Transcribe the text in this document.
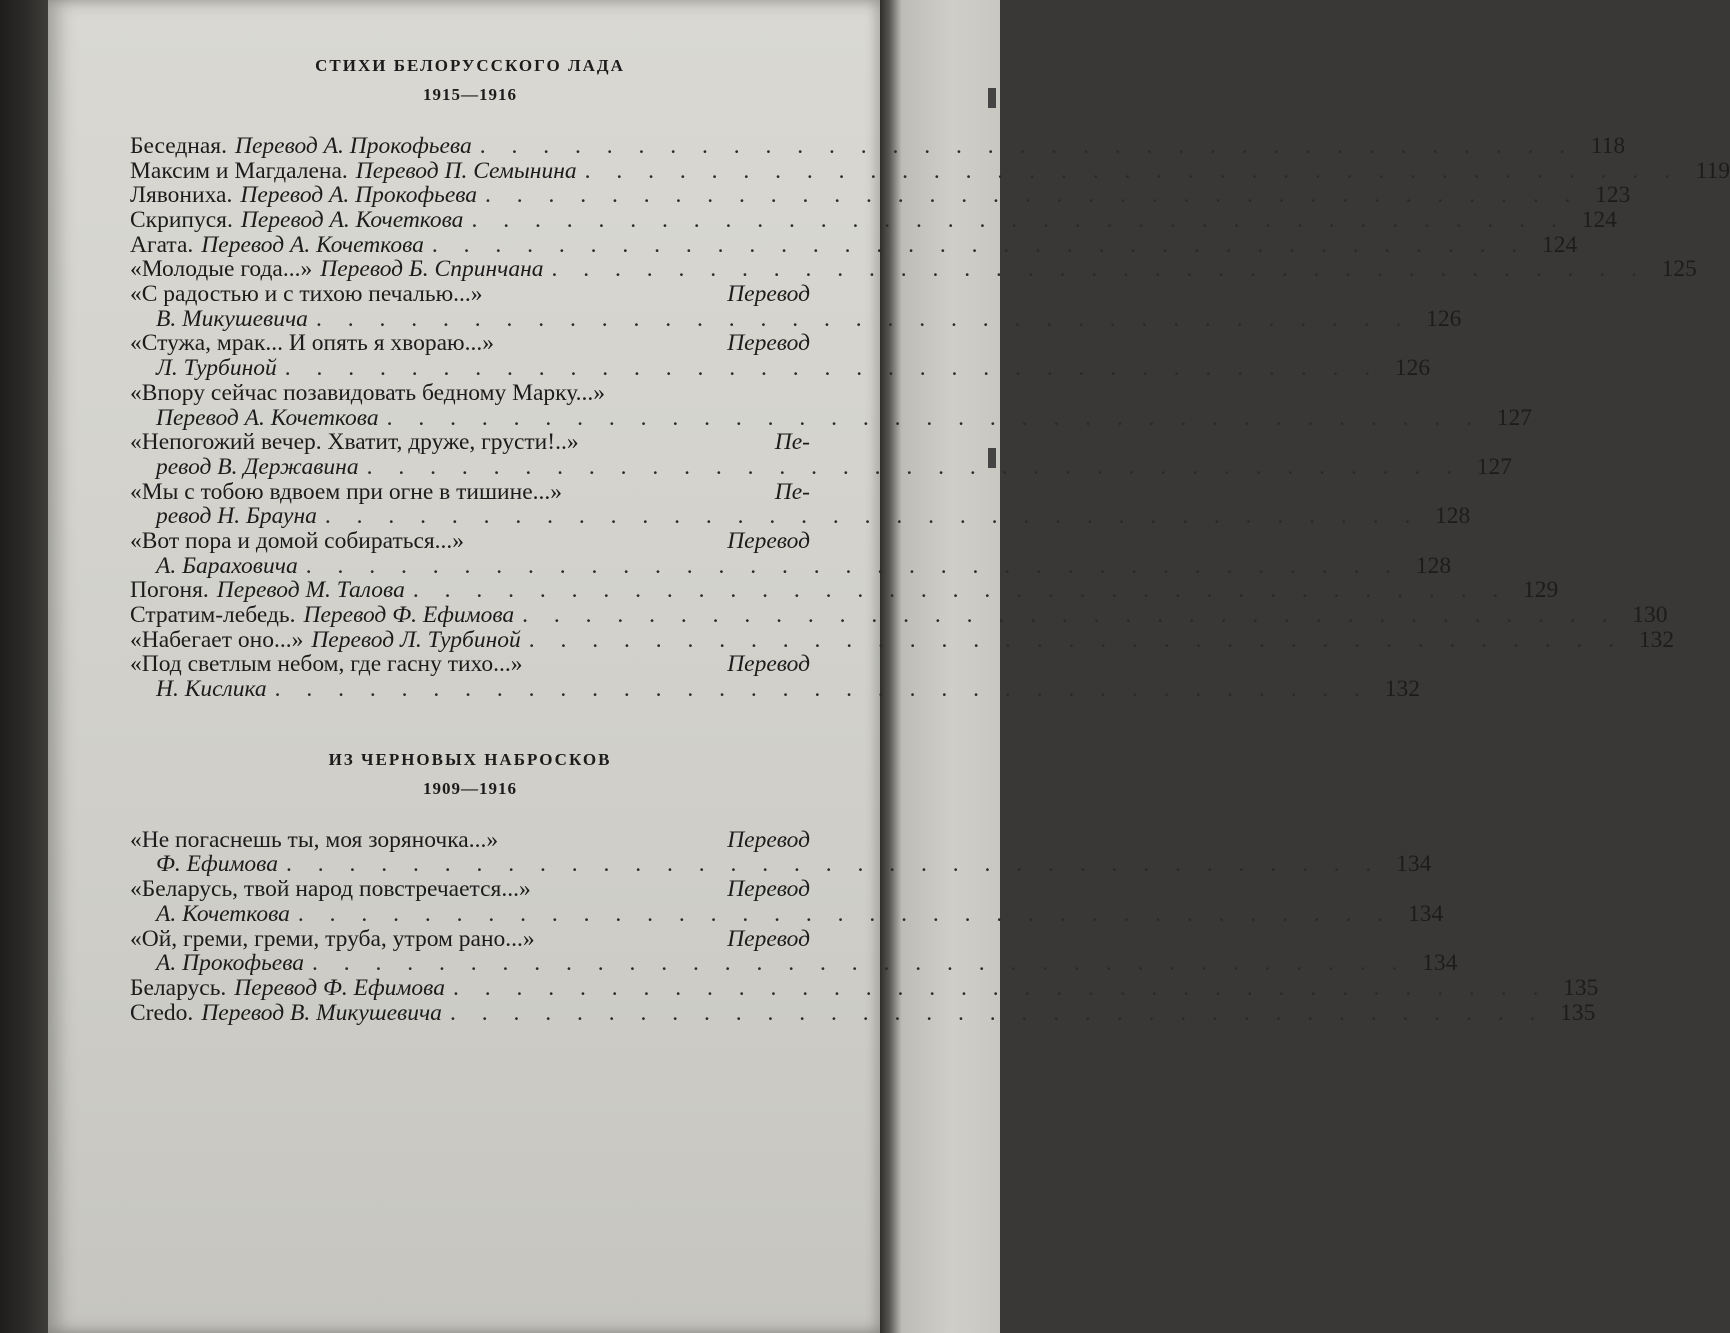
СТИХИ БЕЛОРУССКОГО ЛАДА
1915—1916
Беседная. Перевод А. Прокофьева . . . . . . . . . . . . . . . . . . . . . . . . . . . . . . . . . . . 118
Максим и Магдалена. Перевод П. Семынина . . . . . . . . . . . . . . . . . . . . . . . . . . . . . . . . . . . 119
Лявониха. Перевод А. Прокофьева . . . . . . . . . . . . . . . . . . . . . . . . . . . . . . . . . . . 123
Скрипуся. Перевод А. Кочеткова . . . . . . . . . . . . . . . . . . . . . . . . . . . . . . . . . . . 124
Агата. Перевод А. Кочеткова . . . . . . . . . . . . . . . . . . . . . . . . . . . . . . . . . . . 124
«Молодые года...» Перевод Б. Спринчана . . . . . . . . . . . . . . . . . . . . . . . . . . . . . . . . . . . 125
«С радостью и с тихою печалью...»	Перевод
В. Микушевича . . . . . . . . . . . . . . . . . . . . . . . . . . . . . . . . . . . 126
«Стужа, мрак... И опять я хвораю...»	Перевод
Л. Турбиной . . . . . . . . . . . . . . . . . . . . . . . . . . . . . . . . . . . 126
«Впору сейчас позавидовать бедному Марку...»
Перевод А. Кочеткова . . . . . . . . . . . . . . . . . . . . . . . . . . . . . . . . . . . 127
«Непогожий вечер. Хватит, друже, грусти!..»	Пе-
ревод В. Державина . . . . . . . . . . . . . . . . . . . . . . . . . . . . . . . . . . . 127
«Мы с тобою вдвоем при огне в тишине...»	Пе-
ревод Н. Брауна . . . . . . . . . . . . . . . . . . . . . . . . . . . . . . . . . . . 128
«Вот пора и домой собираться...»	Перевод
А. Бараховича . . . . . . . . . . . . . . . . . . . . . . . . . . . . . . . . . . . 128
Погоня. Перевод М. Талова . . . . . . . . . . . . . . . . . . . . . . . . . . . . . . . . . . . 129
Стратим-лебедь. Перевод Ф. Ефимова . . . . . . . . . . . . . . . . . . . . . . . . . . . . . . . . . . . 130
«Набегает оно...» Перевод Л. Турбиной . . . . . . . . . . . . . . . . . . . . . . . . . . . . . . . . . . . 132
«Под светлым небом, где гасну тихо...»	Перевод
Н. Кислика . . . . . . . . . . . . . . . . . . . . . . . . . . . . . . . . . . . 132
ИЗ ЧЕРНОВЫХ НАБРОСКОВ
1909—1916
«Не погаснешь ты, моя зоряночка...»	Перевод
Ф. Ефимова . . . . . . . . . . . . . . . . . . . . . . . . . . . . . . . . . . . 134
«Беларусь, твой народ повстречается...»	Перевод
А. Кочеткова . . . . . . . . . . . . . . . . . . . . . . . . . . . . . . . . . . . 134
«Ой, греми, греми, труба, утром рано...»	Перевод
А. Прокофьева . . . . . . . . . . . . . . . . . . . . . . . . . . . . . . . . . . . 134
Беларусь. Перевод Ф. Ефимова . . . . . . . . . . . . . . . . . . . . . . . . . . . . . . . . . . . 135
Credo. Перевод В. Микушевича . . . . . . . . . . . . . . . . . . . . . . . . . . . . . . . . . . . 135
